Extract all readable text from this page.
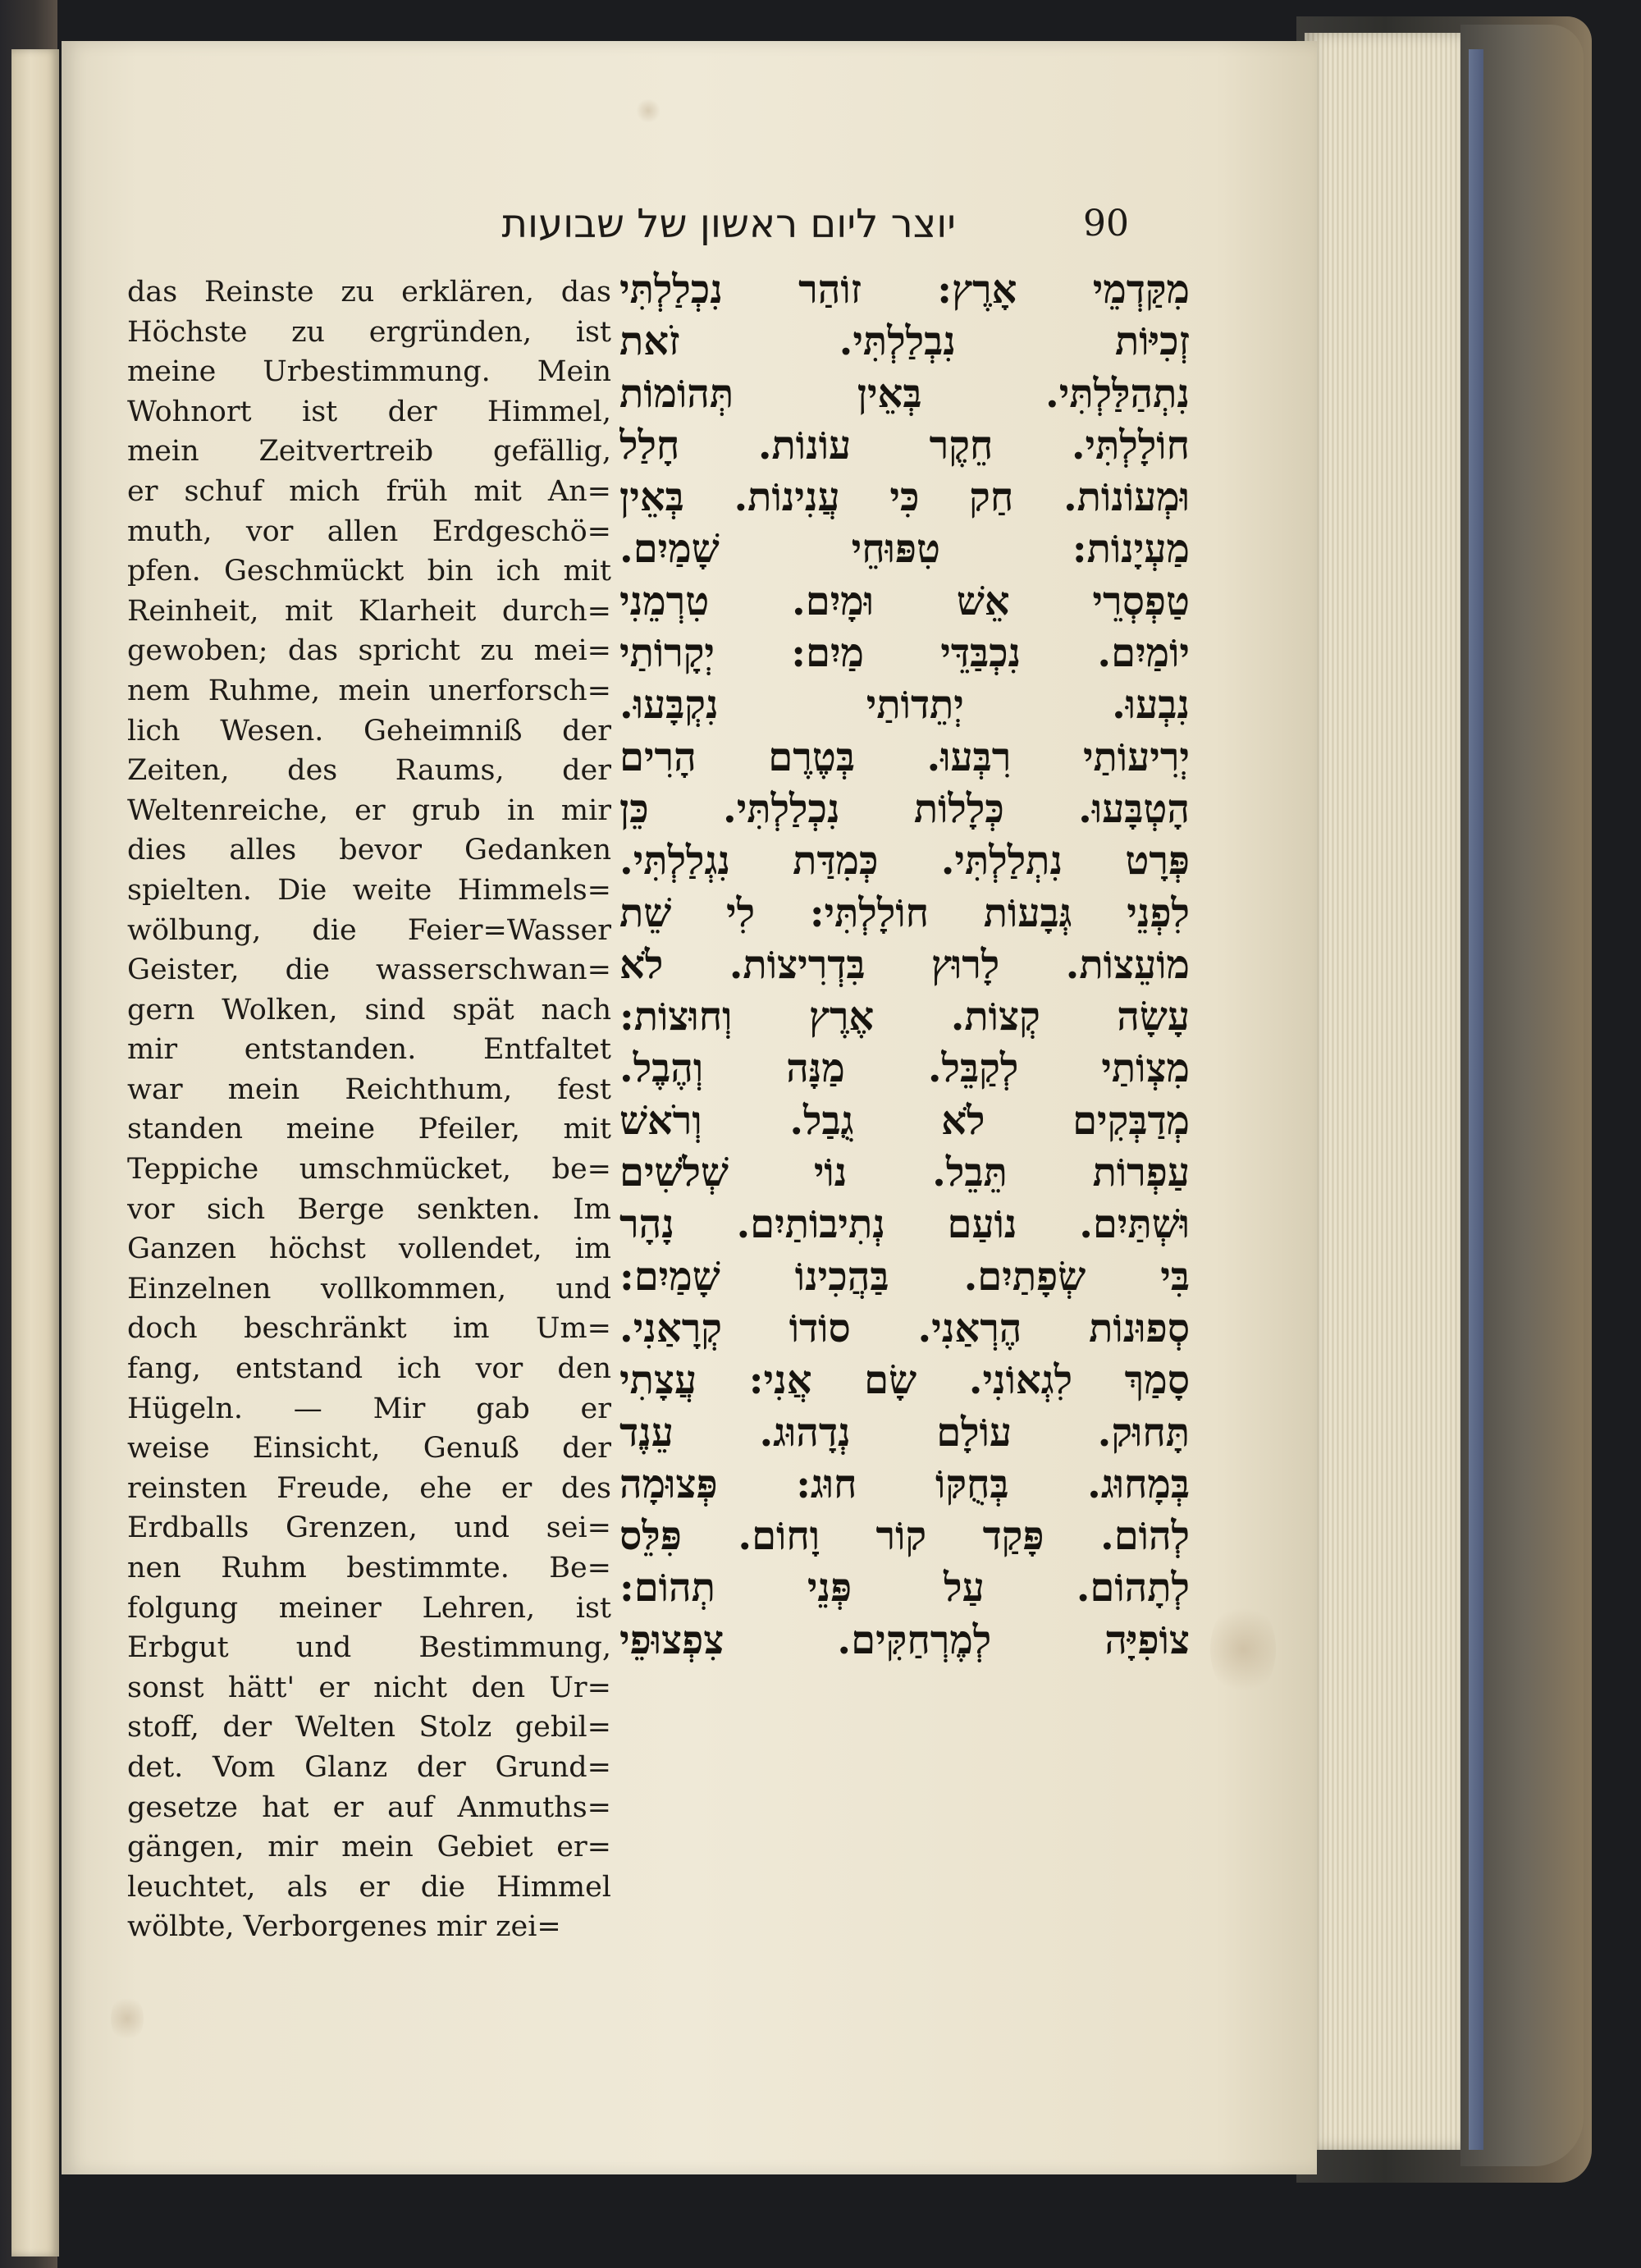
יוצר ליום ראשון של שבועות	90
das Reinste zu erklären, das
Höchste zu ergründen, ist
meine Urbestimmung. Mein
Wohnort ist der Himmel,
mein Zeitvertreib gefällig,
er schuf mich früh mit An=
muth, vor allen Erdgeschö=
pfen. Geschmückt bin ich mit
Reinheit, mit Klarheit durch=
gewoben; das spricht zu mei=
nem Ruhme, mein unerforsch=
lich Wesen. Geheimniß der
Zeiten, des Raums, der
Weltenreiche, er grub in mir
dies alles bevor Gedanken
spielten. Die weite Himmels=
wölbung, die Feier=Wasser
Geister, die wasserschwan=
gern Wolken, sind spät nach
mir entstanden. Entfaltet
war mein Reichthum, fest
standen meine Pfeiler, mit
Teppiche umschmücket, be=
vor sich Berge senkten. Im
Ganzen höchst vollendet, im
Einzelnen vollkommen, und
doch beschränkt im Um=
fang, entstand ich vor den
Hügeln. — Mir gab er
weise Einsicht, Genuß der
reinsten Freude, ehe er des
Erdballs Grenzen, und sei=
nen Ruhm bestimmte. Be=
folgung meiner Lehren, ist
Erbgut und Bestimmung,
sonst hätt' er nicht den Ur=
stoff, der Welten Stolz gebil=
det. Vom Glanz der Grund=
gesetze hat er auf Anmuths=
gängen, mir mein Gebiet er=
leuchtet, als er die Himmel
wölbte, Verborgenes mir zei=
מִקַּדְמֵי אָרֶץ: זוֹהַר נִכְלַלְתִּי
זְכִיּוֹת נִבְלַלְתִּי. זֹאת
נִתְהַלַּלְתִּי. בְּאֵין תְּהוֹמוֹת
חוֹלָלְתִּי. חֵקֶר עוֹנוֹת. חָלַל
וּמְעוֹנוֹת. חַק כִּי עֲנִינוֹת. בְּאֵין
מַעְיָנוֹת: טִפּוּחֵי שָׁמַיִם.
טַפְסְרֵי אֵשׁ וּמָיִם. טִרְמֵנִי
יוֹמַיִם. נִכְבַּדֵּי מַיִם: יְקָרוֹתַי
נִבְעוּ. יְתֵדוֹתַי נִקְבָּעוּ.
יְרִיעוֹתַי רִבְּעוּ. בְּטֶרֶם הָרִים
הָטְבָּעוּ. כְּלָלוֹת נִכְלַלְתִּי. כֵּן
פְּרָט נִתְלַלְתִּי. כְּמִדַּת נִגְלַלְתִּי.
לִפְנֵי גְּבָעוֹת חוֹלָלְתִּי: לִי שֵׁת
מוֹעֵצוֹת. לָרוּץ בִּדְרִיצוֹת. לֹא
עָשָׂה קְצוֹת. אֶרֶץ וְחוּצוֹת:
מִצְוֹתַי לְקַבֵּל. מַנָּה וְהֶבֶל.
מְדַבְּקִים לֹא גֻבַל. וְרֹאשׁ
עַפְרוֹת תֵּבֵל. נוֹי שְׁלֹשִׁים
וּשְׁתַּיִם. נוֹעַם נְתִיבוֹתַיִם. נָהָר
בִּי שְׂפָתַיִם. בַּהֲכִינוֹ שָׁמַיִם:
סְפוּנוֹת הֶרְאַנִי. סוֹדוֹ קְרָאַנִי.
סָמַךְ לִגְאוֹנִי. שָׂם אֲנִי: עֲצָתִי
תָּחוּק. עוֹלָם נְדָהוּג. עֵנֶד
בְּמָחוּג. בְּחֻקּוֹ חוּג: פְּצוּמָה
לְהוֹם. פָּקַד קוֹר וָחוֹם. פִּלֵּס
לְתָהוֹם. עַל פְּנֵי תְהוֹם:
צוֹפִיָּה לְמֶרְחַקִּים. צִפְצוּפֵי
